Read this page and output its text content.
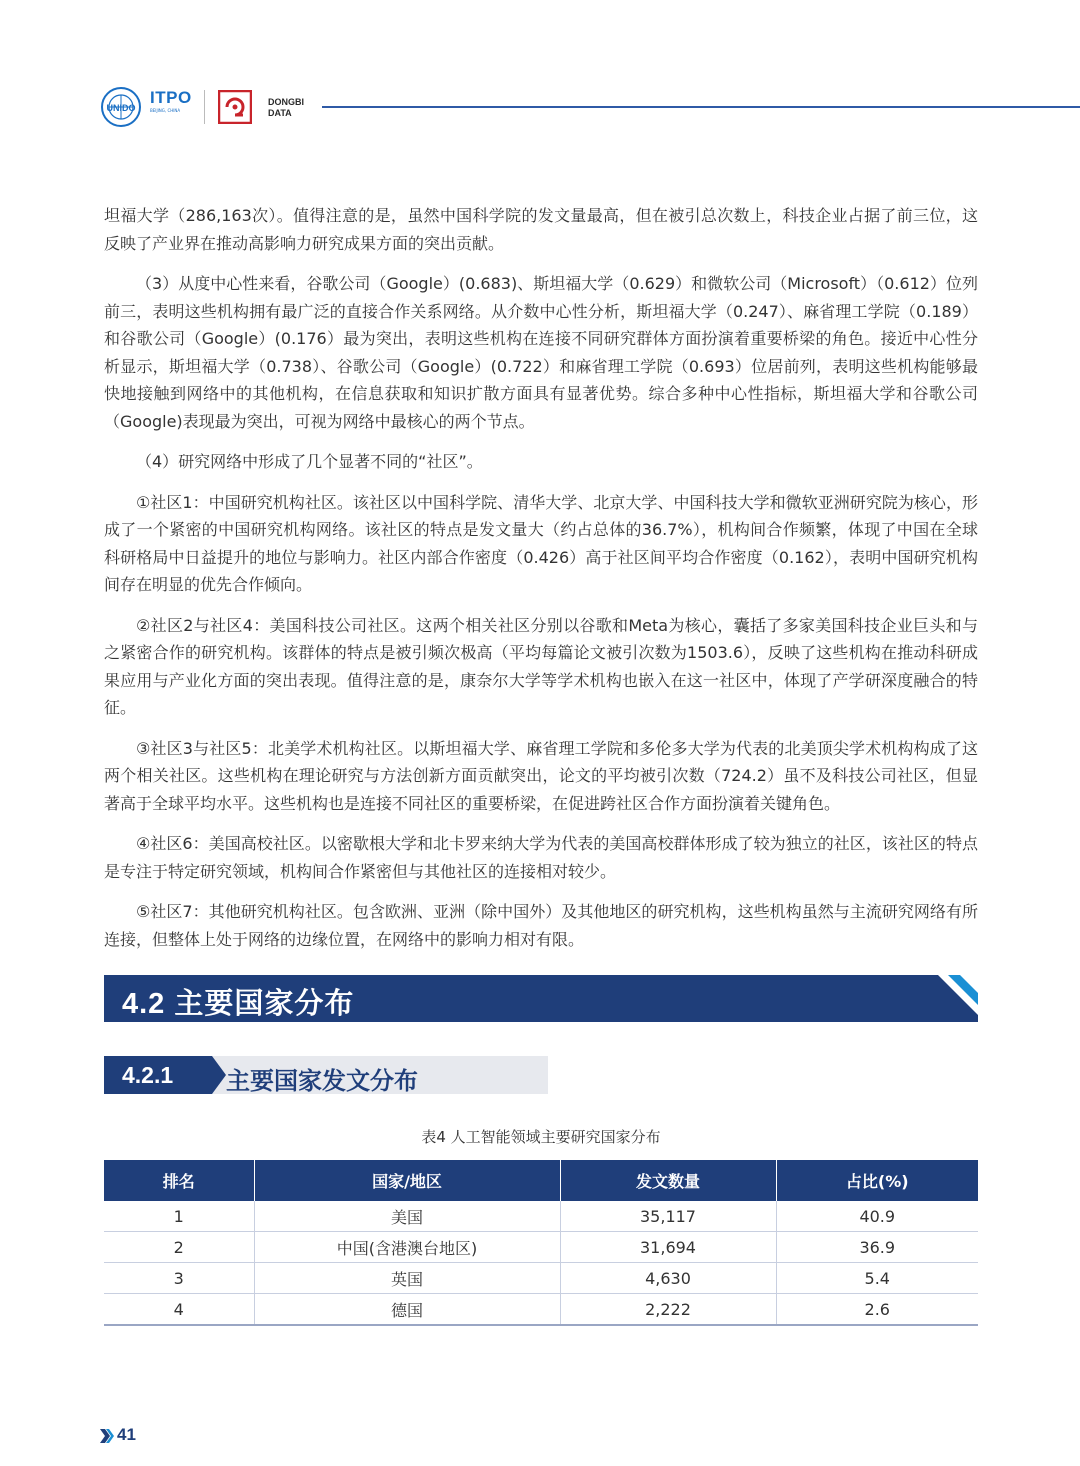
UNIDO
ITPO
BEIJING, CHINA
DONGBI
DATA

坦福大学（286,163次）。值得注意的是，虽然中国科学院的发文量最高，但在被引总次数上，科技企业占据了前三位，这反映了产业界在推动高影响力研究成果方面的突出贡献。

（3）从度中心性来看，谷歌公司（Google）(0.683)、斯坦福大学（0.629）和微软公司（Microsoft）（0.612）位列前三，表明这些机构拥有最广泛的直接合作关系网络。从介数中心性分析，斯坦福大学（0.247）、麻省理工学院（0.189）和谷歌公司（Google）(0.176）最为突出，表明这些机构在连接不同研究群体方面扮演着重要桥梁的角色。接近中心性分析显示，斯坦福大学（0.738）、谷歌公司（Google）(0.722）和麻省理工学院（0.693）位居前列，表明这些机构能够最快地接触到网络中的其他机构，在信息获取和知识扩散方面具有显著优势。综合多种中心性指标，斯坦福大学和谷歌公司（Google)表现最为突出，可视为网络中最核心的两个节点。

（4）研究网络中形成了几个显著不同的“社区”。

①社区1：中国研究机构社区。该社区以中国科学院、清华大学、北京大学、中国科技大学和微软亚洲研究院为核心，形成了一个紧密的中国研究机构网络。该社区的特点是发文量大（约占总体的36.7%），机构间合作频繁，体现了中国在全球科研格局中日益提升的地位与影响力。社区内部合作密度（0.426）高于社区间平均合作密度（0.162），表明中国研究机构间存在明显的优先合作倾向。

②社区2与社区4：美国科技公司社区。这两个相关社区分别以谷歌和Meta为核心，囊括了多家美国科技企业巨头和与之紧密合作的研究机构。该群体的特点是被引频次极高（平均每篇论文被引次数为1503.6），反映了这些机构在推动科研成果应用与产业化方面的突出表现。值得注意的是，康奈尔大学等学术机构也嵌入在这一社区中，体现了产学研深度融合的特征。

③社区3与社区5：北美学术机构社区。以斯坦福大学、麻省理工学院和多伦多大学为代表的北美顶尖学术机构构成了这两个相关社区。这些机构在理论研究与方法创新方面贡献突出，论文的平均被引次数（724.2）虽不及科技公司社区，但显著高于全球平均水平。这些机构也是连接不同社区的重要桥梁，在促进跨社区合作方面扮演着关键角色。

④社区6：美国高校社区。以密歇根大学和北卡罗来纳大学为代表的美国高校群体形成了较为独立的社区，该社区的特点是专注于特定研究领域，机构间合作紧密但与其他社区的连接相对较少。

⑤社区7：其他研究机构社区。包含欧洲、亚洲（除中国外）及其他地区的研究机构，这些机构虽然与主流研究网络有所连接，但整体上处于网络的边缘位置，在网络中的影响力相对有限。

4.2 主要国家分布
4.2.1 主要国家发文分布
表4 人工智能领域主要研究国家分布
排名	国家/地区	发文数量	占比(%)
1	美国	35,117	40.9
2	中国(含港澳台地区)	31,694	36.9
3	英国	4,630	5.4
4	德国	2,222	2.6
41
